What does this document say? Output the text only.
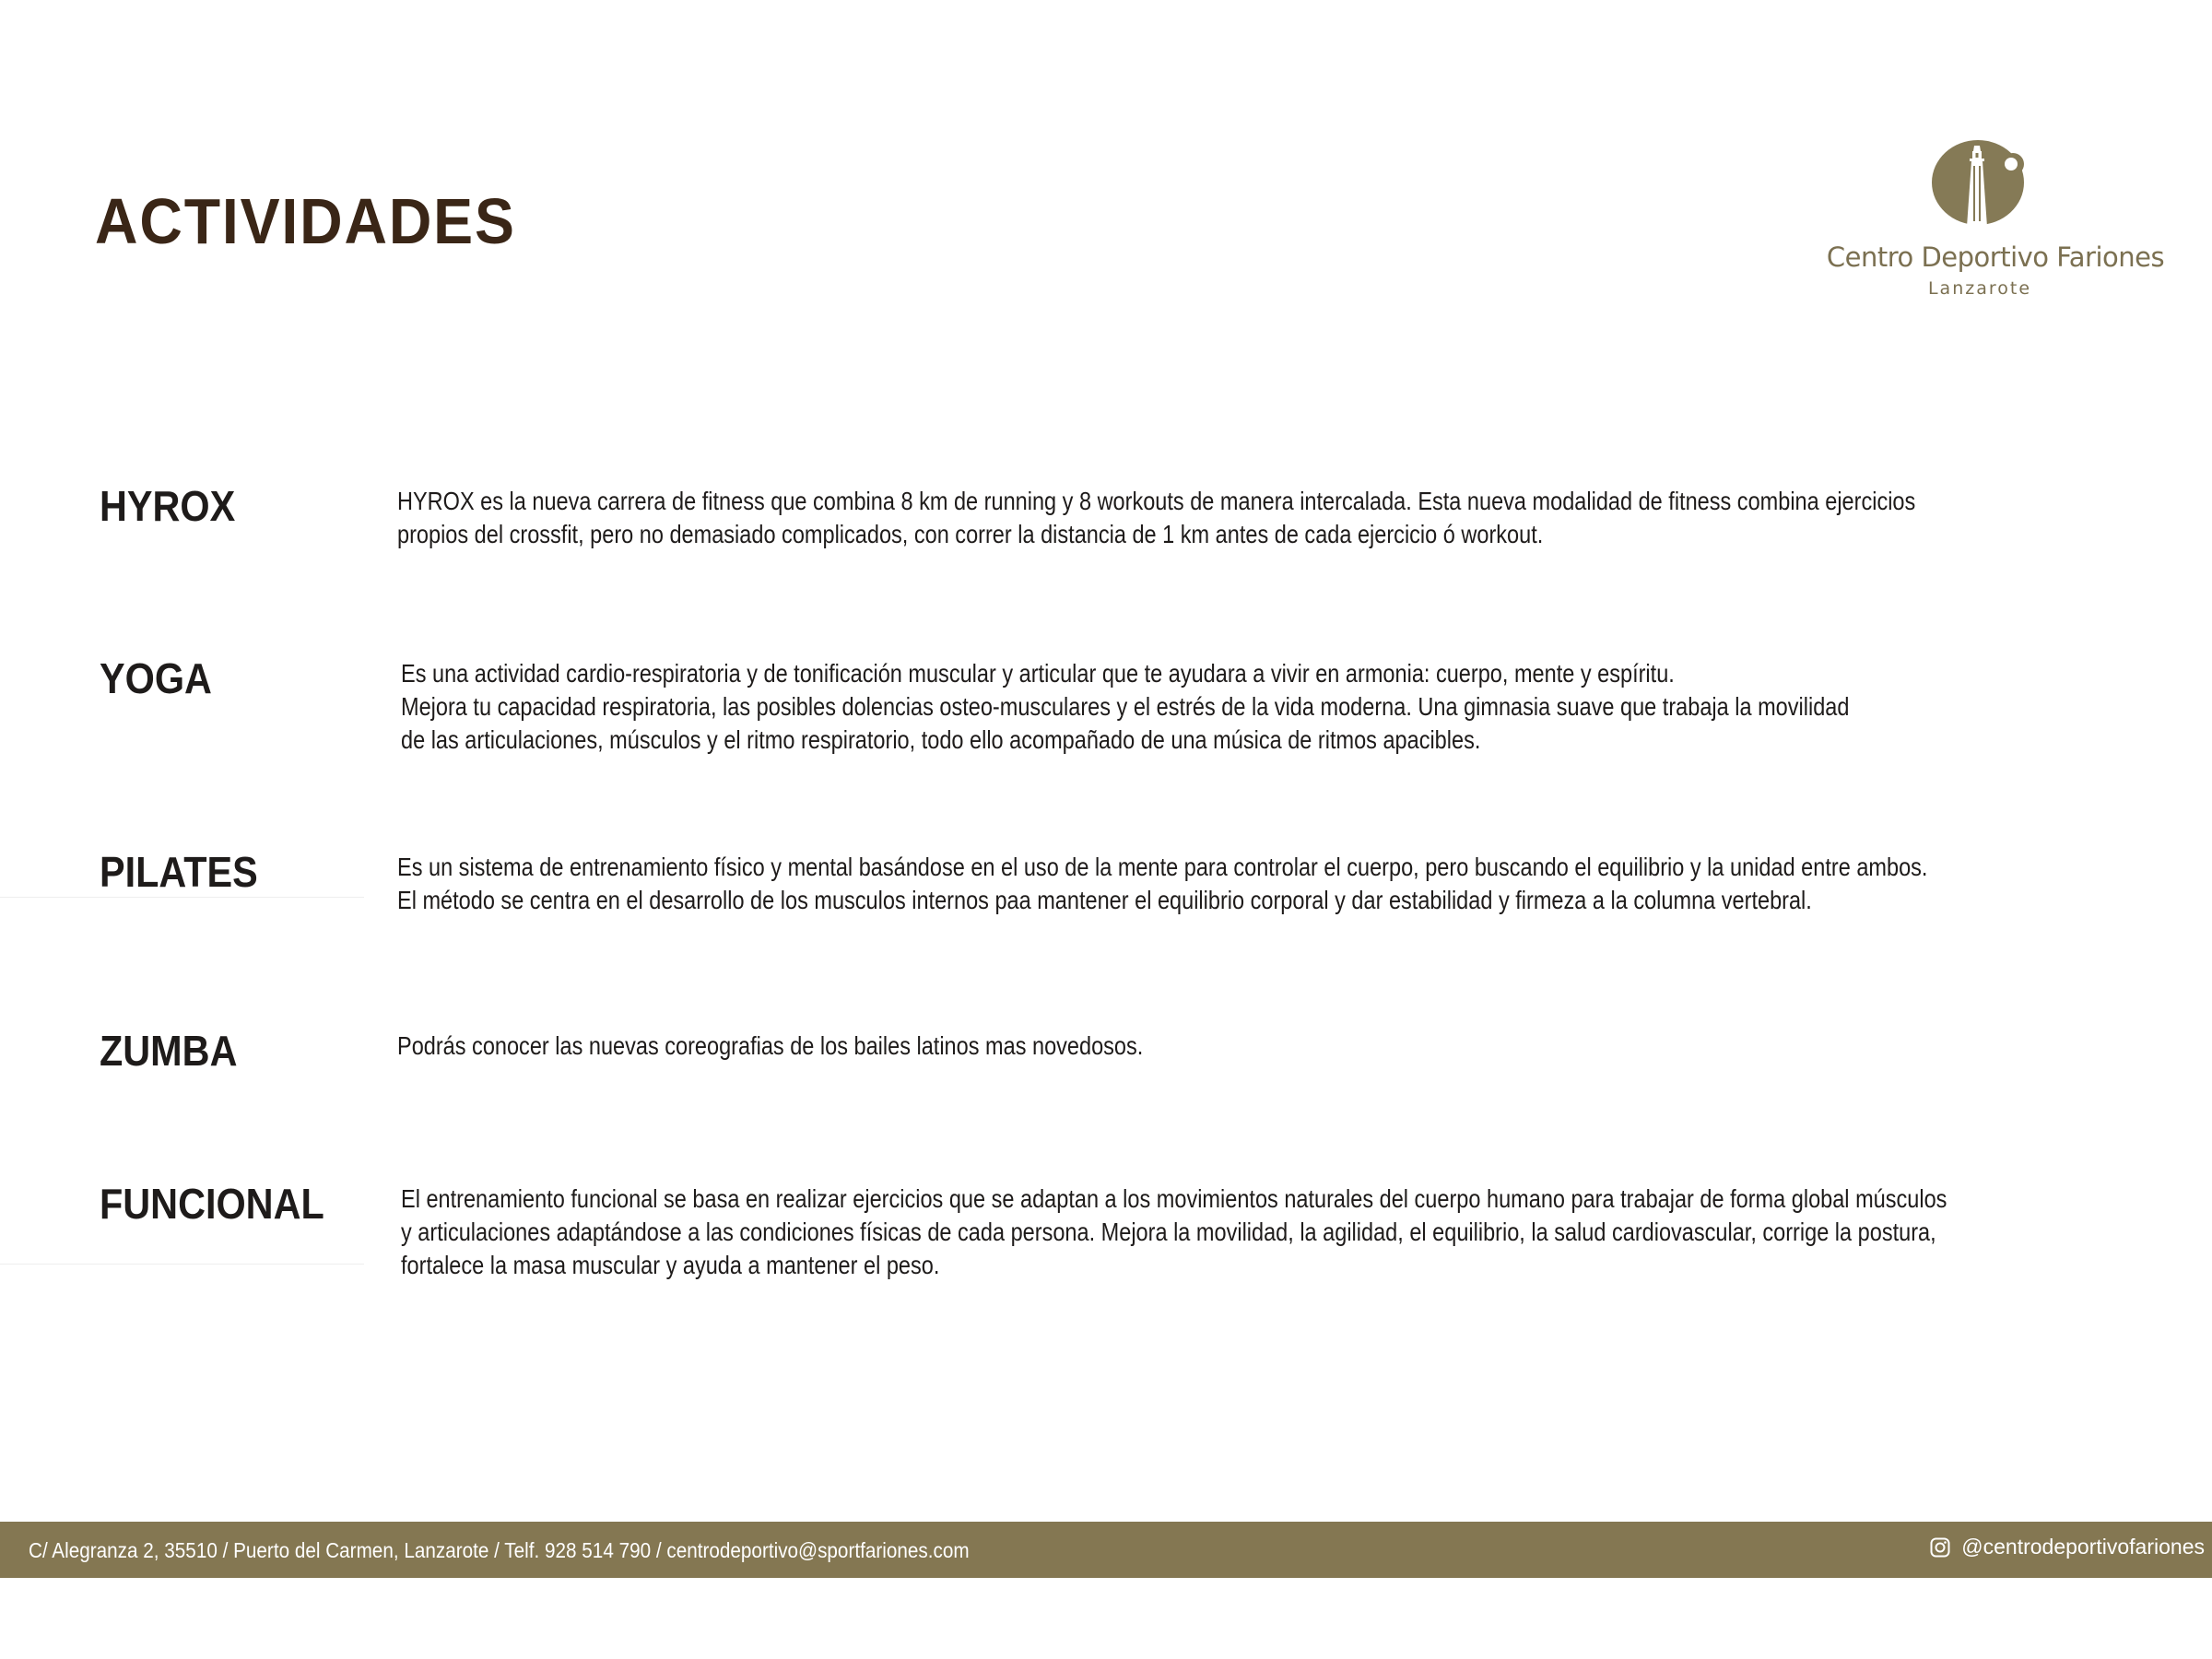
ACTIVIDADES	Centro Deportivo Fariones
Lanzarote
HYROX	HYROX es la nueva carrera de fitness que combina 8 km de running y 8 workouts de manera intercalada. Esta nueva modalidad de fitness combina ejercicios
propios del crossfit, pero no demasiado complicados, con correr la distancia de 1 km antes de cada ejercicio ó workout.

YOGA	Es una actividad cardio-respiratoria y de tonificación muscular y articular que te ayudara a vivir en armonia: cuerpo, mente y espíritu.
Mejora tu capacidad respiratoria, las posibles dolencias osteo-musculares y el estrés de la vida moderna. Una gimnasia suave que trabaja la movilidad
de las articulaciones, músculos y el ritmo respiratorio, todo ello acompañado de una música de ritmos apacibles.

PILATES	Es un sistema de entrenamiento físico y mental basándose en el uso de la mente para controlar el cuerpo, pero buscando el equilibrio y la unidad entre ambos.
El método se centra en el desarrollo de los musculos internos paa mantener el equilibrio corporal y dar estabilidad y firmeza a la columna vertebral.

ZUMBA	Podrás conocer las nuevas coreografias de los bailes latinos mas novedosos.

FUNCIONAL	El entrenamiento funcional se basa en realizar ejercicios que se adaptan a los movimientos naturales del cuerpo humano para trabajar de forma global músculos
y articulaciones adaptándose a las condiciones físicas de cada persona. Mejora la movilidad, la agilidad, el equilibrio, la salud cardiovascular, corrige la postura,
fortalece la masa muscular y ayuda a mantener el peso.

C/ Alegranza 2, 35510 / Puerto del Carmen, Lanzarote / Telf. 928 514 790 / centrodeportivo@sportfariones.com	@centrodeportivofariones
